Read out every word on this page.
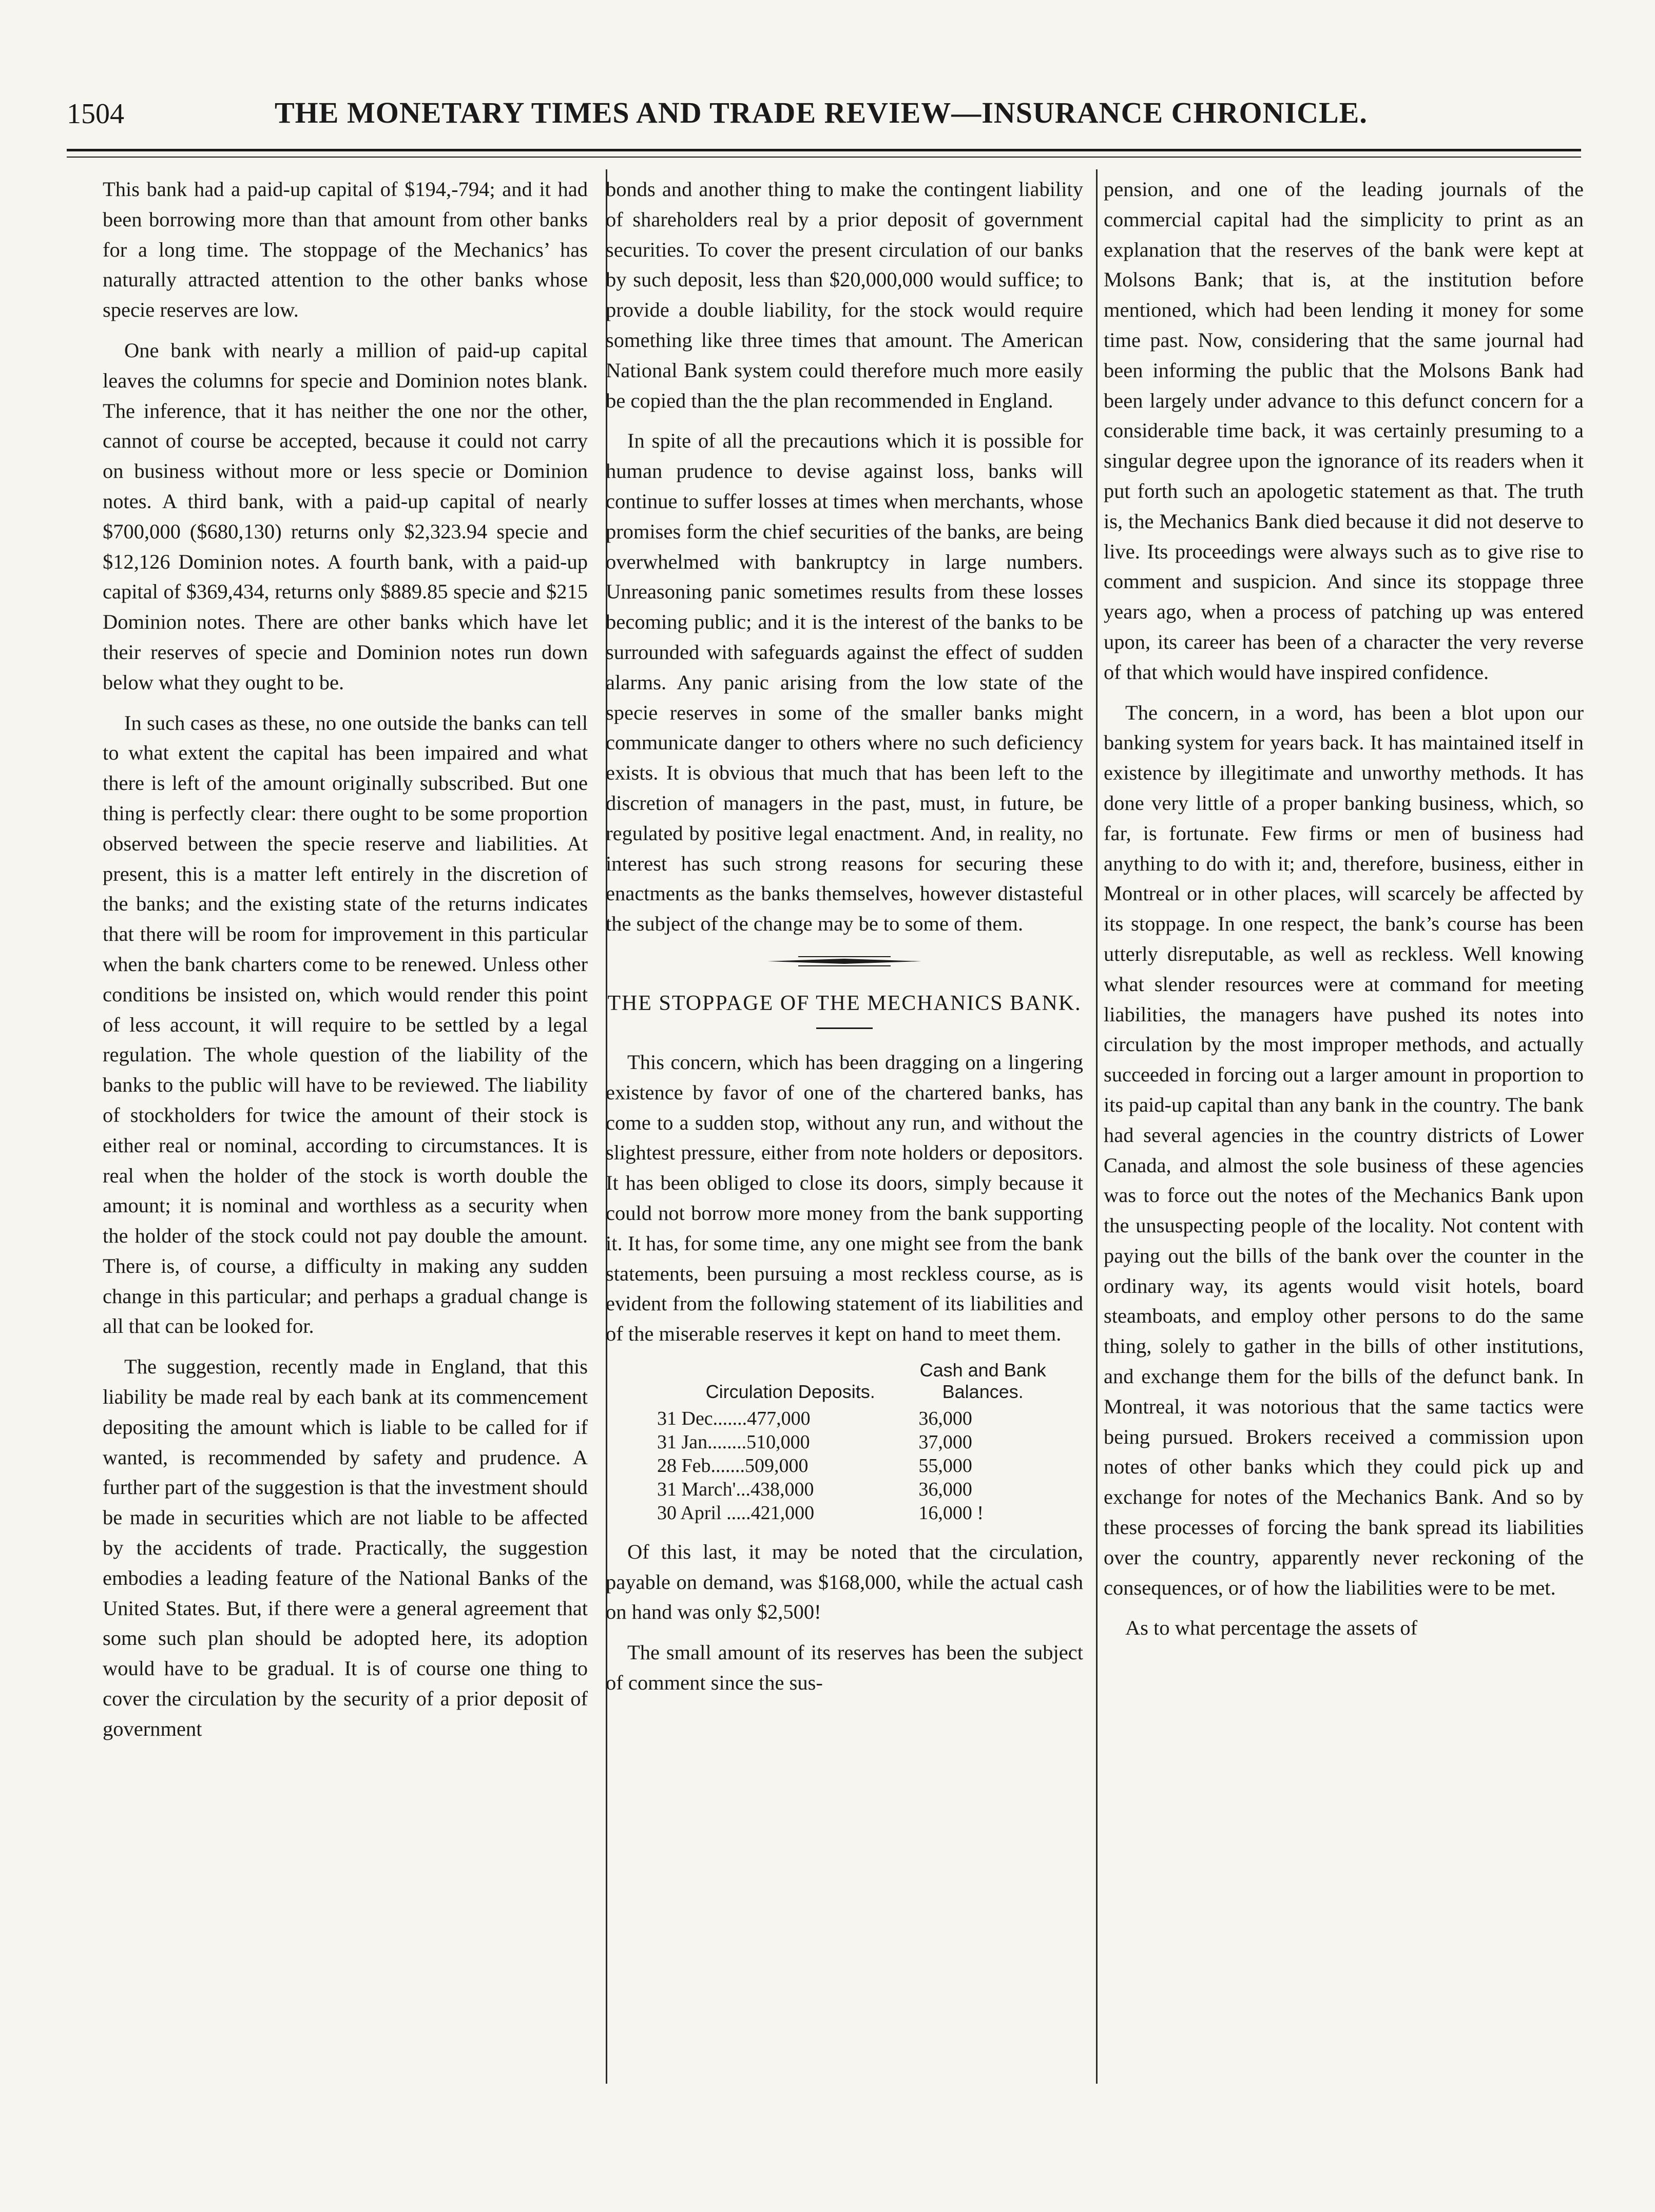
1504	THE MONETARY TIMES AND TRADE REVIEW—INSURANCE CHRONICLE.

This bank had a paid-up capital of $194,-794; and it had been borrowing more than that amount from other banks for a long time. The stoppage of the Mechanics’ has naturally attracted attention to the other banks whose specie reserves are low.

One bank with nearly a million of paid-up capital leaves the columns for specie and Dominion notes blank. The inference, that it has neither the one nor the other, cannot of course be accepted, because it could not carry on business without more or less specie or Dominion notes. A third bank, with a paid-up capital of nearly $700,000 ($680,130) returns only $2,323.94 specie and $12,126 Dominion notes. A fourth bank, with a paid-up capital of $369,434, returns only $889.85 specie and $215 Dominion notes. There are other banks which have let their reserves of specie and Dominion notes run down below what they ought to be.

In such cases as these, no one outside the banks can tell to what extent the capital has been impaired and what there is left of the amount originally subscribed. But one thing is perfectly clear: there ought to be some proportion observed between the specie reserve and liabilities. At present, this is a matter left entirely in the discretion of the banks; and the existing state of the returns indicates that there will be room for improvement in this particular when the bank charters come to be renewed. Unless other conditions be insisted on, which would render this point of less account, it will require to be settled by a legal regulation. The whole question of the liability of the banks to the public will have to be reviewed. The liability of stockholders for twice the amount of their stock is either real or nominal, according to circumstances. It is real when the holder of the stock is worth double the amount; it is nominal and worthless as a security when the holder of the stock could not pay double the amount. There is, of course, a difficulty in making any sudden change in this particular; and perhaps a gradual change is all that can be looked for.

The suggestion, recently made in England, that this liability be made real by each bank at its commencement depositing the amount which is liable to be called for if wanted, is recommended by safety and prudence. A further part of the suggestion is that the investment should be made in securities which are not liable to be affected by the accidents of trade. Practically, the suggestion embodies a leading feature of the National Banks of the United States. But, if there were a general agreement that some such plan should be adopted here, its adoption would have to be gradual. It is of course one thing to cover the circulation by the security of a prior deposit of government

bonds and another thing to make the contingent liability of shareholders real by a prior deposit of government securities. To cover the present circulation of our banks by such deposit, less than $20,000,000 would suffice; to provide a double liability, for the stock would require something like three times that amount. The American National Bank system could therefore much more easily be copied than the the plan recommended in England.

In spite of all the precautions which it is possible for human prudence to devise against loss, banks will continue to suffer losses at times when merchants, whose promises form the chief securities of the banks, are being overwhelmed with bankruptcy in large numbers. Unreasoning panic sometimes results from these losses becoming public; and it is the interest of the banks to be surrounded with safeguards against the effect of sudden alarms. Any panic arising from the low state of the specie reserves in some of the smaller banks might communicate danger to others where no such deficiency exists. It is obvious that much that has been left to the discretion of managers in the past, must, in future, be regulated by positive legal enactment. And, in reality, no interest has such strong reasons for securing these enactments as the banks themselves, however distasteful the subject of the change may be to some of them.

THE STOPPAGE OF THE MECHANICS BANK.

This concern, which has been dragging on a lingering existence by favor of one of the chartered banks, has come to a sudden stop, without any run, and without the slightest pressure, either from note holders or depositors. It has been obliged to close its doors, simply because it could not borrow more money from the bank supporting it. It has, for some time, any one might see from the bank statements, been pursuing a most reckless course, as is evident from the following statement of its liabilities and of the miserable reserves it kept on hand to meet them.

Circulation Deposits.	Cash and Bank Balances.
31 Dec.......477,000	36,000
31 Jan........510,000	37,000
28 Feb.......509,000	55,000
31 March'...438,000	36,000
30 April .....421,000	16,000 !

Of this last, it may be noted that the circulation, payable on demand, was $168,000, while the actual cash on hand was only $2,500!

The small amount of its reserves has been the subject of comment since the sus-

pension, and one of the leading journals of the commercial capital had the simplicity to print as an explanation that the reserves of the bank were kept at Molsons Bank; that is, at the institution before mentioned, which had been lending it money for some time past. Now, considering that the same journal had been informing the public that the Molsons Bank had been largely under advance to this defunct concern for a considerable time back, it was certainly presuming to a singular degree upon the ignorance of its readers when it put forth such an apologetic statement as that. The truth is, the Mechanics Bank died because it did not deserve to live. Its proceedings were always such as to give rise to comment and suspicion. And since its stoppage three years ago, when a process of patching up was entered upon, its career has been of a character the very reverse of that which would have inspired confidence.

The concern, in a word, has been a blot upon our banking system for years back. It has maintained itself in existence by illegitimate and unworthy methods. It has done very little of a proper banking business, which, so far, is fortunate. Few firms or men of business had anything to do with it; and, therefore, business, either in Montreal or in other places, will scarcely be affected by its stoppage. In one respect, the bank’s course has been utterly disreputable, as well as reckless. Well knowing what slender resources were at command for meeting liabilities, the managers have pushed its notes into circulation by the most improper methods, and actually succeeded in forcing out a larger amount in proportion to its paid-up capital than any bank in the country. The bank had several agencies in the country districts of Lower Canada, and almost the sole business of these agencies was to force out the notes of the Mechanics Bank upon the unsuspecting people of the locality. Not content with paying out the bills of the bank over the counter in the ordinary way, its agents would visit hotels, board steamboats, and employ other persons to do the same thing, solely to gather in the bills of other institutions, and exchange them for the bills of the defunct bank. In Montreal, it was notorious that the same tactics were being pursued. Brokers received a commission upon notes of other banks which they could pick up and exchange for notes of the Mechanics Bank. And so by these processes of forcing the bank spread its liabilities over the country, apparently never reckoning of the consequences, or of how the liabilities were to be met.

As to what percentage the assets of
